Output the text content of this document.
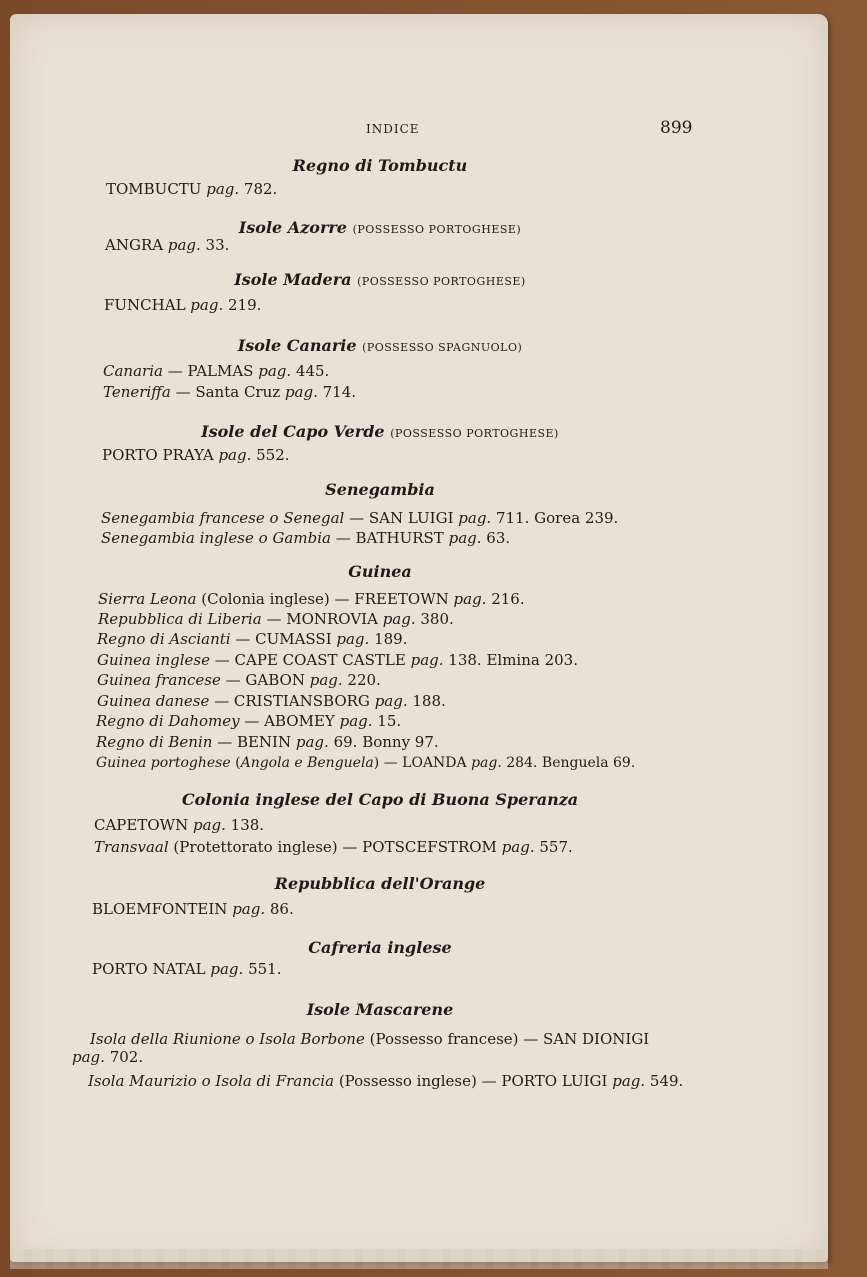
INDICE	899
Regno di Tombuctu
TOMBUCTU pag. 782.
Isole Azorre (POSSESSO PORTOGHESE)
ANGRA pag. 33.
Isole Madera (POSSESSO PORTOGHESE)
FUNCHAL pag. 219.
Isole Canarie (POSSESSO SPAGNUOLO)
Canaria — PALMAS pag. 445.
Teneriffa — Santa Cruz pag. 714.
Isole del Capo Verde (POSSESSO PORTOGHESE)
PORTO PRAYA pag. 552.
Senegambia
Senegambia francese o Senegal — SAN LUIGI pag. 711. Gorea 239.
Senegambia inglese o Gambia — BATHURST pag. 63.
Guinea
Sierra Leona (Colonia inglese) — FREETOWN pag. 216.
Repubblica di Liberia — MONROVIA pag. 380.
Regno di Ascianti — CUMASSI pag. 189.
Guinea inglese — CAPE COAST CASTLE pag. 138. Elmina 203.
Guinea francese — GABON pag. 220.
Guinea danese — CRISTIANSBORG pag. 188.
Regno di Dahomey — ABOMEY pag. 15.
Regno di Benin — BENIN pag. 69. Bonny 97.
Guinea portoghese (Angola e Benguela) — LOANDA pag. 284. Benguela 69.
Colonia inglese del Capo di Buona Speranza
CAPETOWN pag. 138.
Transvaal (Protettorato inglese) — POTSCEFSTROM pag. 557.
Repubblica dell'Orange
BLOEMFONTEIN pag. 86.
Cafreria inglese
PORTO NATAL pag. 551.
Isole Mascarene
Isola della Riunione o Isola Borbone (Possesso francese) — SAN DIONIGI
pag. 702.
Isola Maurizio o Isola di Francia (Possesso inglese) — PORTO LUIGI pag. 549.
